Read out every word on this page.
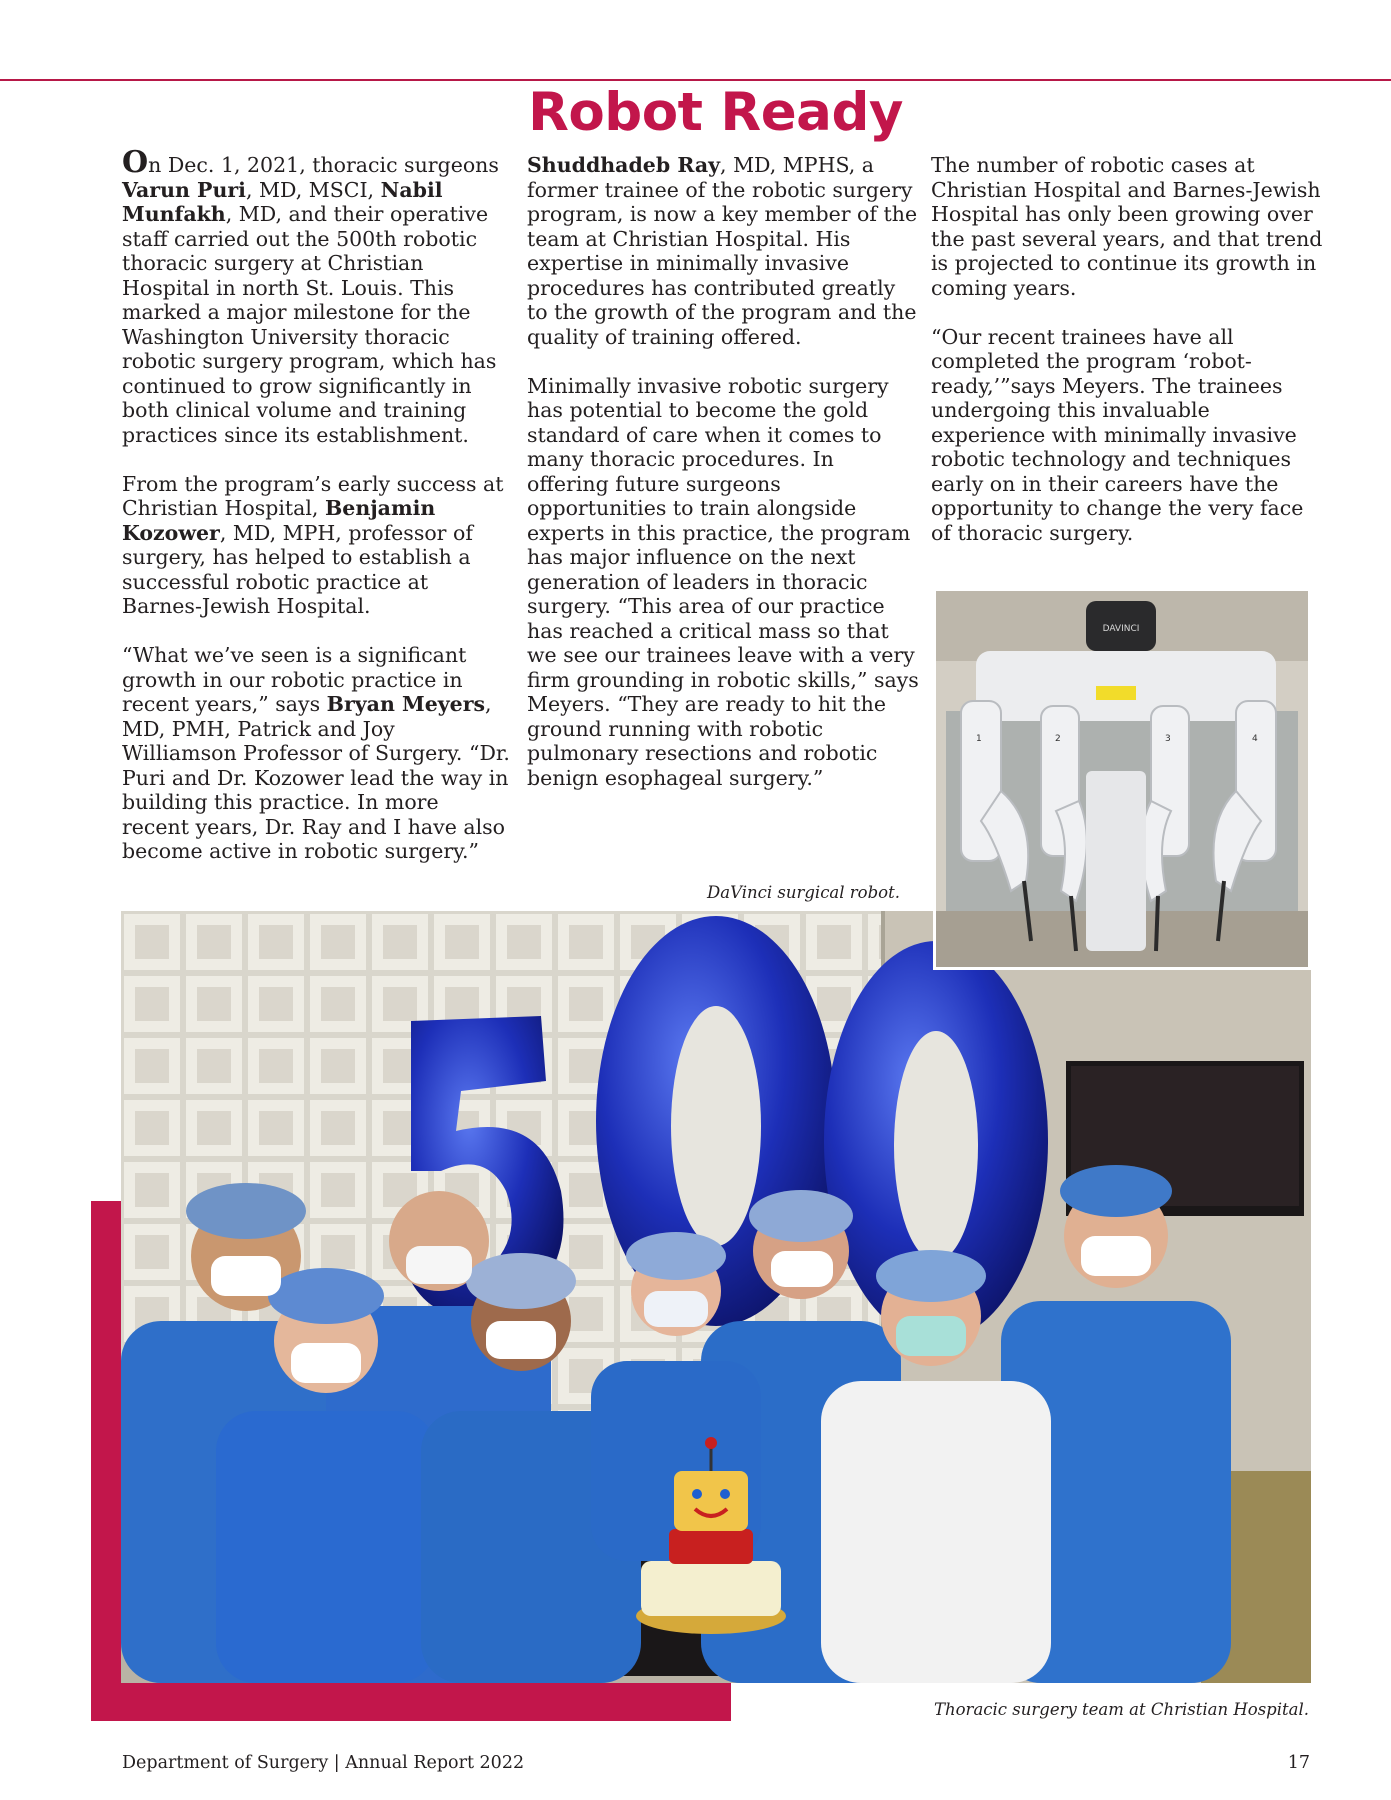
Robot Ready

On Dec. 1, 2021, thoracic surgeons Varun Puri, MD, MSCI, Nabil Munfakh, MD, and their operative staff carried out the 500th robotic thoracic surgery at Christian Hospital in north St. Louis. This marked a major milestone for the Washington University thoracic robotic surgery program, which has continued to grow significantly in both clinical volume and training practices since its establishment.

From the program’s early success at Christian Hospital, Benjamin Kozower, MD, MPH, professor of surgery, has helped to establish a successful robotic practice at Barnes-Jewish Hospital.

“What we’ve seen is a significant growth in our robotic practice in recent years,” says Bryan Meyers, MD, PMH, Patrick and Joy Williamson Professor of Surgery. “Dr. Puri and Dr. Kozower lead the way in building this practice. In more recent years, Dr. Ray and I have also become active in robotic surgery.”

Shuddhadeb Ray, MD, MPHS, a former trainee of the robotic surgery program, is now a key member of the team at Christian Hospital. His expertise in minimally invasive procedures has contributed greatly to the growth of the program and the quality of training offered.

Minimally invasive robotic surgery has potential to become the gold standard of care when it comes to many thoracic procedures. In offering future surgeons opportunities to train alongside experts in this practice, the program has major influence on the next generation of leaders in thoracic surgery. “This area of our practice has reached a critical mass so that we see our trainees leave with a very firm grounding in robotic skills,” says Meyers. “They are ready to hit the ground running with robotic pulmonary resections and robotic benign esophageal surgery.”

The number of robotic cases at Christian Hospital and Barnes-Jewish Hospital has only been growing over the past several years, and that trend is projected to continue its growth in coming years.

“Our recent trainees have all completed the program ‘robot-ready,’”says Meyers. The trainees undergoing this invaluable experience with minimally invasive robotic technology and techniques early on in their careers have the opportunity to change the very face of thoracic surgery.

DaVinci surgical robot.
DAVINCI
1	2	3	4
Thoracic surgery team at Christian Hospital.
Department of Surgery | Annual Report 2022	17
